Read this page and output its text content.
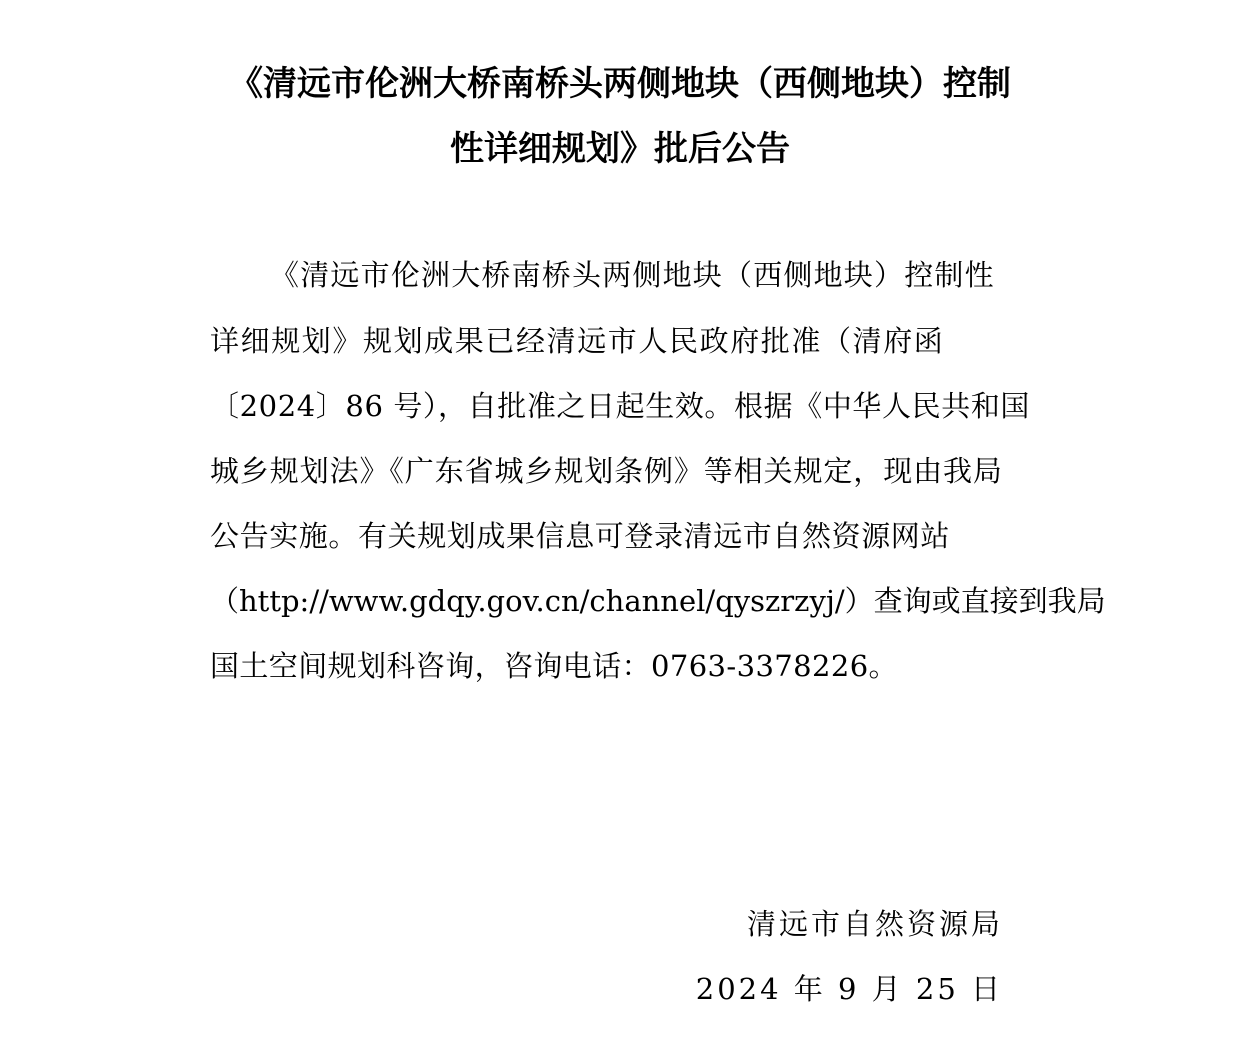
《清远市伦洲大桥南桥头两侧地块（西侧地块）控制
性详细规划》批后公告

《清远市伦洲大桥南桥头两侧地块（西侧地块）控制性

详细规划》规划成果已经清远市人民政府批准（清府函

〔2024〕86 号），自批准之日起生效。根据《中华人民共和国

城乡规划法》《广东省城乡规划条例》等相关规定，现由我局

公告实施。有关规划成果信息可登录清远市自然资源网站

（http://www.gdqy.gov.cn/channel/qyszrzyj/）查询或直接到我局

国土空间规划科咨询，咨询电话：0763-3378226。

清远市自然资源局

2024 年 9 月 25 日
